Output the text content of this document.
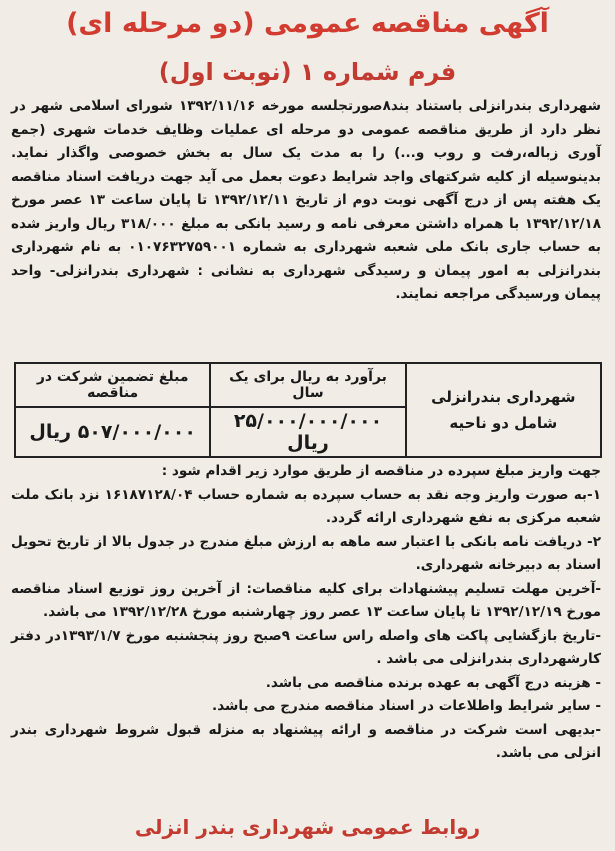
آگهی مناقصه عمومی (دو مرحله ای)
فرم شماره ۱ (نوبت اول)
شهرداری بندرانزلی باستناد بند۸صورتجلسه مورخه ۱۳۹۲/۱۱/۱۶ شورای اسلامی شهر در نظر دارد از طریق مناقصه عمومی دو مرحله ای عملیات وظایف خدمات شهری (جمع آوری زباله،رفت و روب و...) را به مدت یک سال به بخش خصوصی واگذار نماید. بدینوسیله از کلیه شرکتهای واجد شرایط دعوت بعمل می آید جهت دریافت اسناد مناقصه یک هفته پس از درج آگهی نوبت دوم از تاریخ ۱۳۹۲/۱۲/۱۱ تا پایان ساعت ۱۳ عصر مورخ ۱۳۹۲/۱۲/۱۸ با همراه داشتن معرفی نامه و رسید بانکی به مبلغ ۳۱۸/۰۰۰ ریال واریز شده به حساب جاری بانک ملی شعبه شهرداری به شماره ۰۱۰۷۶۳۲۷۵۹۰۰۱ به نام شهرداری بندرانزلی به امور پیمان و رسیدگی شهرداری به نشانی : شهرداری بندرانزلی- واحد پیمان ورسیدگی مراجعه نمایند.
شهرداری بندرانزلی
شامل دو ناحیه	برآورد به ریال برای یک سال	مبلغ تضمین شرکت در مناقصه
	۲۵/۰۰۰/۰۰۰/۰۰۰ ریال	۵۰۷/۰۰۰/۰۰۰ ریال

جهت واریز مبلغ سپرده در مناقصه از طریق موارد زیر اقدام شود :

۱-به صورت واریز وجه نقد به حساب سپرده به شماره حساب ۱۶۱۸۷۱۲۸/۰۴ نزد بانک ملت شعبه مرکزی به نفع شهرداری ارائه گردد.

۲- دریافت نامه بانکی با اعتبار سه ماهه به ارزش مبلغ مندرج در جدول بالا از تاریخ تحویل اسناد به دبیرخانه شهرداری.

-آخرین مهلت تسلیم پیشنهادات برای کلیه مناقصات: از آخرین روز توزیع اسناد مناقصه مورخ ۱۳۹۲/۱۲/۱۹ تا پایان ساعت ۱۳ عصر روز چهارشنبه مورخ ۱۳۹۲/۱۲/۲۸ می باشد.

-تاریخ بازگشایی پاکت های واصله راس ساعت ۹صبح روز پنجشنبه مورخ ۱۳۹۳/۱/۷در دفتر کارشهرداری بندرانزلی می باشد .

- هزینه درج آگهی به عهده برنده مناقصه می باشد.

- سایر شرایط واطلاعات در اسناد مناقصه مندرج می باشد.

-بدیهی است شرکت در مناقصه و ارائه پیشنهاد به منزله قبول شروط شهرداری بندر انزلی می باشد.

روابط عمومی شهرداری بندر انزلی
